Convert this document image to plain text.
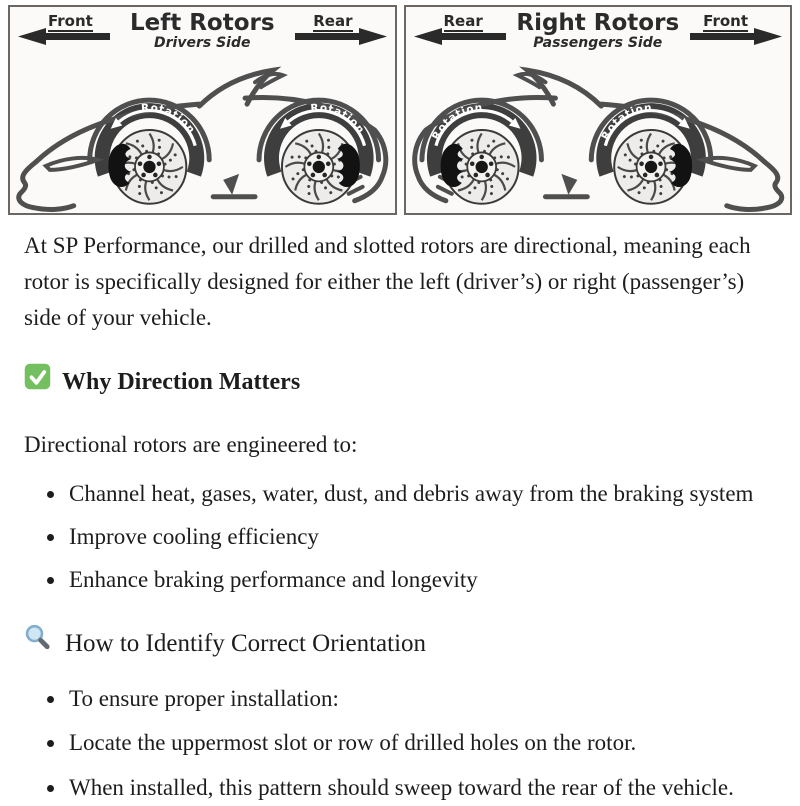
Front Left Rotors
Drivers Side
Rear
Rotation
Rotation
Rear Right Rotors
Passengers Side
Front
Rotation
Rotation

At SP Performance, our drilled and slotted rotors are directional, meaning each rotor is specifically designed for either the left (driver’s) or right (passenger’s) side of your vehicle.

Why Direction Matters

Directional rotors are engineered to:

• Channel heat, gases, water, dust, and debris away from the braking system
• Improve cooling efficiency
• Enhance braking performance and longevity
How to Identify Correct Orientation
• To ensure proper installation:
• Locate the uppermost slot or row of drilled holes on the rotor.
• When installed, this pattern should sweep toward the rear of the vehicle.
